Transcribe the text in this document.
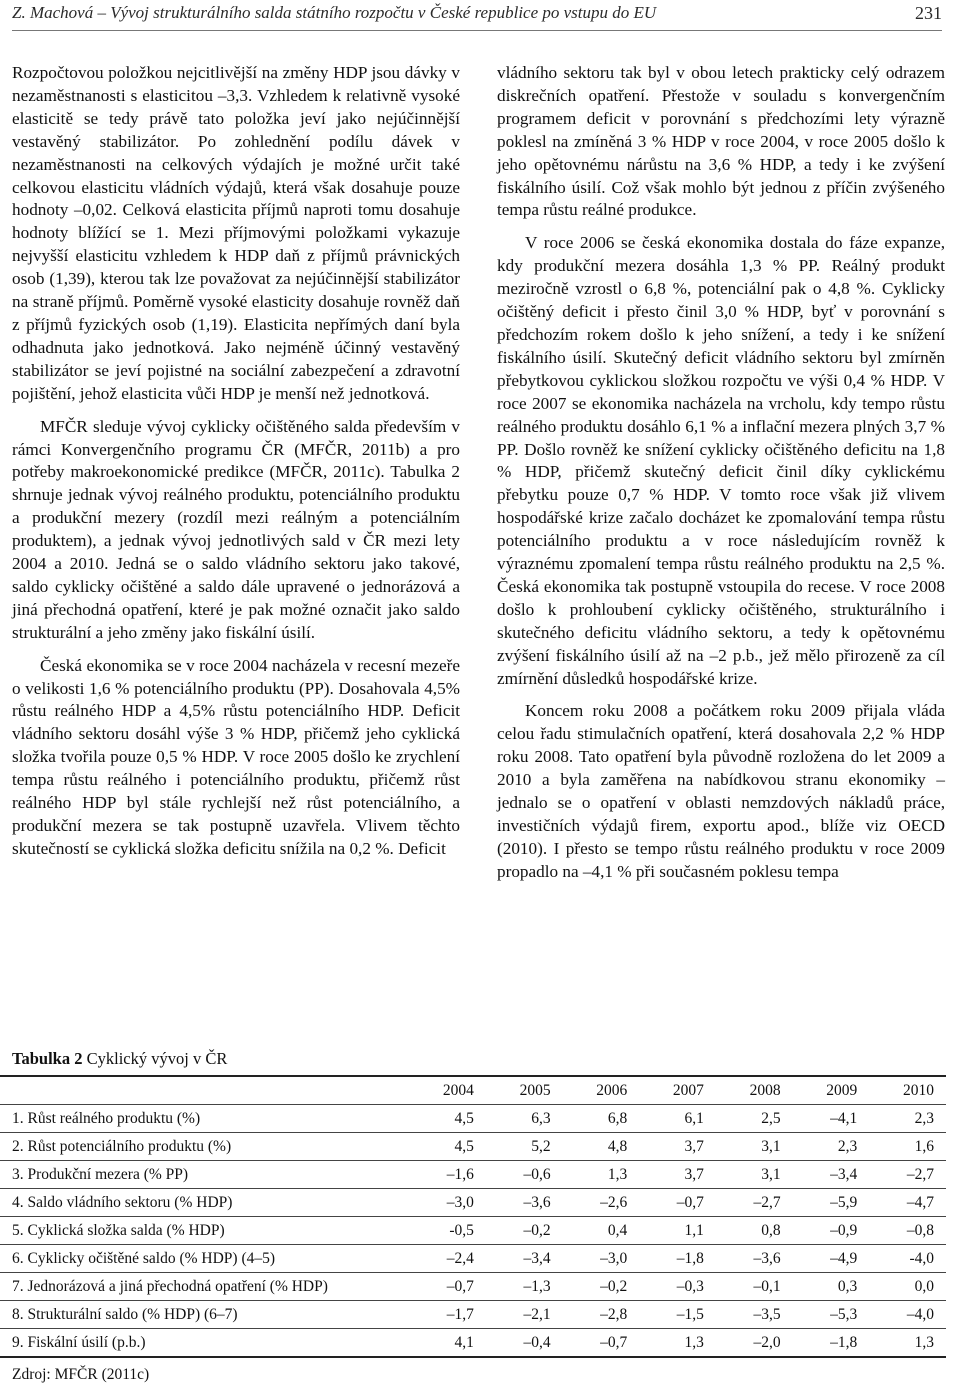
Z. Machová – Vývoj strukturálního salda státního rozpočtu v České republice po vstupu do EU	231

Rozpočtovou položkou nejcitlivější na změny HDP jsou dávky v nezaměstnanosti s elasticitou –3,3. Vzhledem k relativně vysoké elasticitě se tedy právě tato položka jeví jako nejúčinnější vestavěný stabilizátor. Po zohlednění podílu dávek v nezaměstnanosti na celkových výdajích je možné určit také celkovou elasticitu vládních výdajů, která však dosahuje pouze hodnoty –0,02. Celková elasticita příjmů naproti tomu dosahuje hodnoty blížící se 1. Mezi příjmovými položkami vykazuje nejvyšší elasticitu vzhledem k HDP daň z příjmů právnických osob (1,39), kterou tak lze považovat za nejúčinnější stabilizátor na straně příjmů. Poměrně vysoké elasticity dosahuje rovněž daň z příjmů fyzických osob (1,19). Elasticita nepřímých daní byla odhadnuta jako jednotková. Jako nejméně účinný vestavěný stabilizátor se jeví pojistné na sociální zabezpečení a zdravotní pojištění, jehož elasticita vůči HDP je menší než jednotková.

MFČR sleduje vývoj cyklicky očištěného salda především v rámci Konvergenčního programu ČR (MFČR, 2011b) a pro potřeby makroekonomické predikce (MFČR, 2011c). Tabulka 2 shrnuje jednak vývoj reálného produktu, potenciálního produktu a produkční mezery (rozdíl mezi reálným a potenciálním produktem), a jednak vývoj jednotlivých sald v ČR mezi lety 2004 a 2010. Jedná se o saldo vládního sektoru jako takové, saldo cyklicky očištěné a saldo dále upravené o jednorázová a jiná přechodná opatření, které je pak možné označit jako saldo strukturální a jeho změny jako fiskální úsilí.

Česká ekonomika se v roce 2004 nacházela v recesní mezeře o velikosti 1,6 % potenciálního produktu (PP). Dosahovala 4,5% růstu reálného HDP a 4,5% růstu potenciálního HDP. Deficit vládního sektoru dosáhl výše 3 % HDP, přičemž jeho cyklická složka tvořila pouze 0,5 % HDP. V roce 2005 došlo ke zrychlení tempa růstu reálného i potenciálního produktu, přičemž růst reálného HDP byl stále rychlejší než růst potenciálního, a produkční mezera se tak postupně uzavřela. Vlivem těchto skutečností se cyklická složka deficitu snížila na 0,2 %. Deficit

vládního sektoru tak byl v obou letech prakticky celý odrazem diskrečních opatření. Přestože v souladu s konvergenčním programem deficit v porovnání s předchozími lety výrazně poklesl na zmíněná 3 % HDP v roce 2004, v roce 2005 došlo k jeho opětovnému nárůstu na 3,6 % HDP, a tedy i ke zvýšení fiskálního úsilí. Což však mohlo být jednou z příčin zvýšeného tempa růstu reálné produkce.

V roce 2006 se česká ekonomika dostala do fáze expanze, kdy produkční mezera dosáhla 1,3 % PP. Reálný produkt meziročně vzrostl o 6,8 %, potenciální pak o 4,8 %. Cyklicky očištěný deficit i přesto činil 3,0 % HDP, byť v porovnání s předchozím rokem došlo k jeho snížení, a tedy i ke snížení fiskálního úsilí. Skutečný deficit vládního sektoru byl zmírněn přebytkovou cyklickou složkou rozpočtu ve výši 0,4 % HDP. V roce 2007 se ekonomika nacházela na vrcholu, kdy tempo růstu reálného produktu dosáhlo 6,1 % a inflační mezera plných 3,7 % PP. Došlo rovněž ke snížení cyklicky očištěného deficitu na 1,8 % HDP, přičemž skutečný deficit činil díky cyklickému přebytku pouze 0,7 % HDP. V tomto roce však již vlivem hospodářské krize začalo docházet ke zpomalování tempa růstu potenciálního produktu a v roce následujícím rovněž k výraznému zpomalení tempa růstu reálného produktu na 2,5 %. Česká ekonomika tak postupně vstoupila do recese. V roce 2008 došlo k prohloubení cyklicky očištěného, strukturálního i skutečného deficitu vládního sektoru, a tedy k opětovnému zvýšení fiskálního úsilí až na –2 p.b., jež mělo přirozeně za cíl zmírnění důsledků hospodářské krize.

Koncem roku 2008 a počátkem roku 2009 přijala vláda celou řadu stimulačních opatření, která dosahovala 2,2 % HDP roku 2008. Tato opatření byla původně rozložena do let 2009 a 2010 a byla zaměřena na nabídkovou stranu ekonomiky – jednalo se o opatření v oblasti nemzdových nákladů práce, investičních výdajů firem, exportu apod., blíže viz OECD (2010). I přesto se tempo růstu reálného produktu v roce 2009 propadlo na –4,1 % při současném poklesu tempa

Tabulka 2 Cyklický vývoj v ČR
	2004	2005	2006	2007	2008	2009	2010
1. Růst reálného produktu (%)	4,5	6,3	6,8	6,1	2,5	–4,1	2,3
2. Růst potenciálního produktu (%)	4,5	5,2	4,8	3,7	3,1	2,3	1,6
3. Produkční mezera (% PP)	–1,6	–0,6	1,3	3,7	3,1	–3,4	–2,7
4. Saldo vládního sektoru (% HDP)	–3,0	–3,6	–2,6	–0,7	–2,7	–5,9	–4,7
5. Cyklická složka salda (% HDP)	-0,5	–0,2	0,4	1,1	0,8	–0,9	–0,8
6. Cyklicky očištěné saldo (% HDP) (4–5)	–2,4	–3,4	–3,0	–1,8	–3,6	–4,9	-4,0
7. Jednorázová a jiná přechodná opatření (% HDP)	–0,7	–1,3	–0,2	–0,3	–0,1	0,3	0,0
8. Strukturální saldo (% HDP) (6–7)	–1,7	–2,1	–2,8	–1,5	–3,5	–5,3	–4,0
9. Fiskální úsilí (p.b.)	4,1	–0,4	–0,7	1,3	–2,0	–1,8	1,3
Zdroj: MFČR (2011c)
